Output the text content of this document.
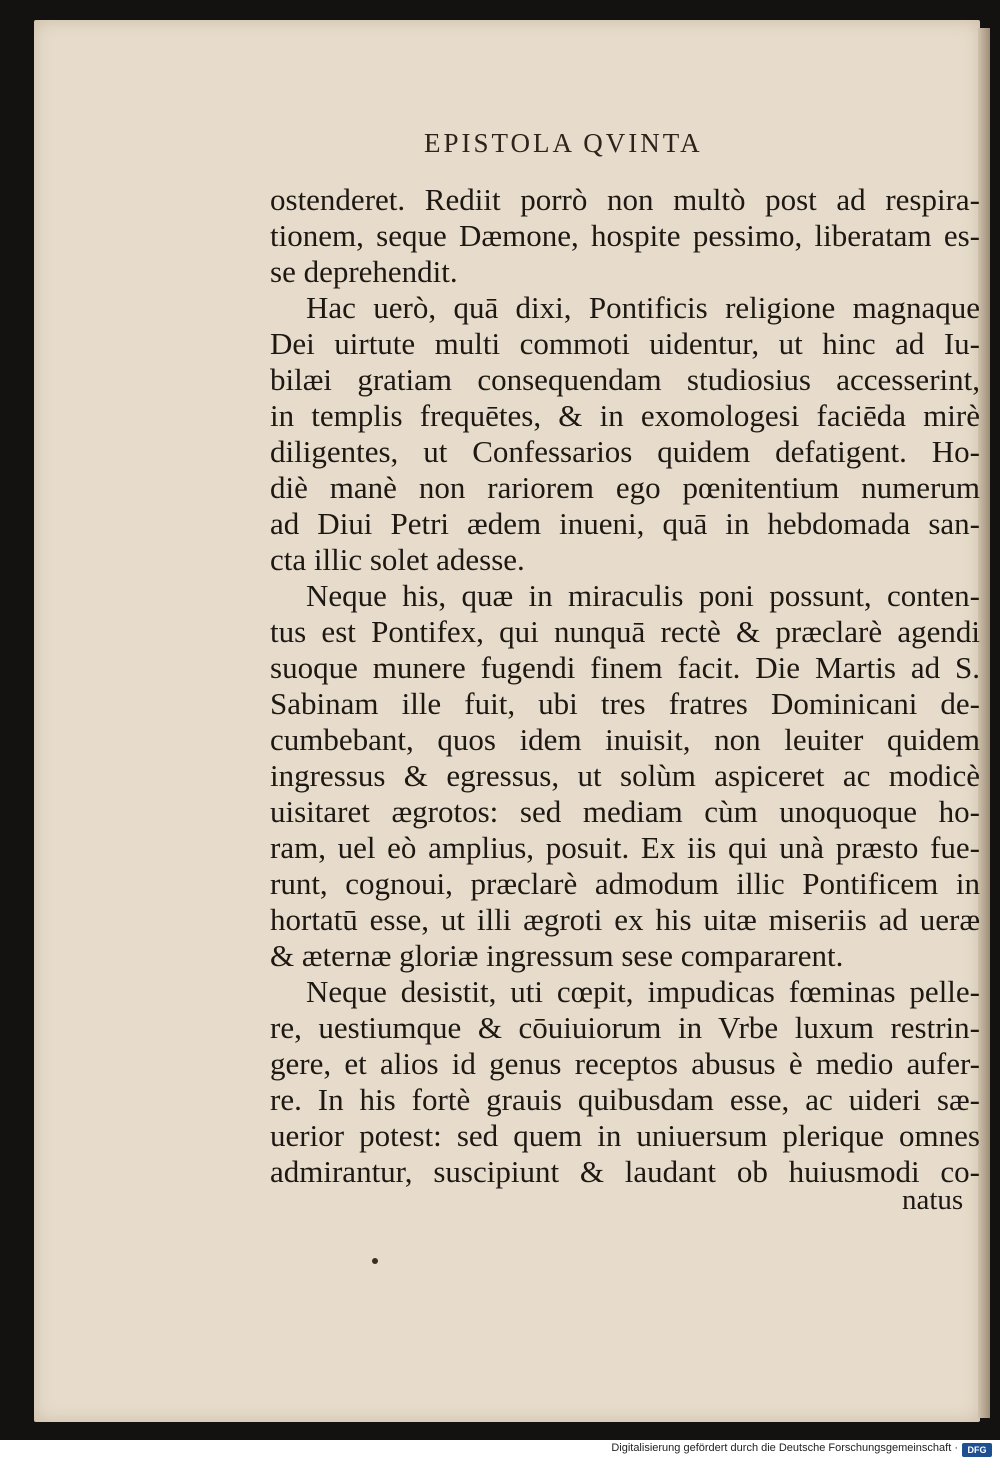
EPISTOLA QVINTA
ostenderet. Rediit porrò non multò post ad respira-
tionem, seque Dæmone, hospite pessimo, liberatam es-
se deprehendit.
Hac uerò, quā dixi, Pontificis religione magnaque
Dei uirtute multi commoti uidentur, ut hinc ad Iu-
bilæi gratiam consequendam studiosius accesserint,
in templis frequētes, & in exomologesi faciēda mirè
diligentes, ut Confessarios quidem defatigent. Ho-
diè manè non rariorem ego pœnitentium numerum
ad Diui Petri ædem inueni, quā in hebdomada san-
cta illic solet adesse.
Neque his, quæ in miraculis poni possunt, conten-
tus est Pontifex, qui nunquā rectè & præclarè agendi
suoque munere fugendi finem facit. Die Martis ad S.
Sabinam ille fuit, ubi tres fratres Dominicani de-
cumbebant, quos idem inuisit, non leuiter quidem
ingressus & egressus, ut solùm aspiceret ac modicè
uisitaret ægrotos: sed mediam cùm unoquoque ho-
ram, uel eò amplius, posuit. Ex iis qui unà præsto fue-
runt, cognoui, præclarè admodum illic Pontificem in
hortatū esse, ut illi ægroti ex his uitæ miseriis ad ueræ
& æternæ gloriæ ingressum sese compararent.
Neque desistit, uti cœpit, impudicas fœminas pelle-
re, uestiumque & cōuiuiorum in Vrbe luxum restrin-
gere, et alios id genus receptos abusus è medio aufer-
re. In his fortè grauis quibusdam esse, ac uideri sæ-
uerior potest: sed quem in uniuersum plerique omnes
admirantur, suscipiunt & laudant ob huiusmodi co-
natus
Digitalisierung gefördert durch die Deutsche Forschungsgemeinschaft ·	DFG
